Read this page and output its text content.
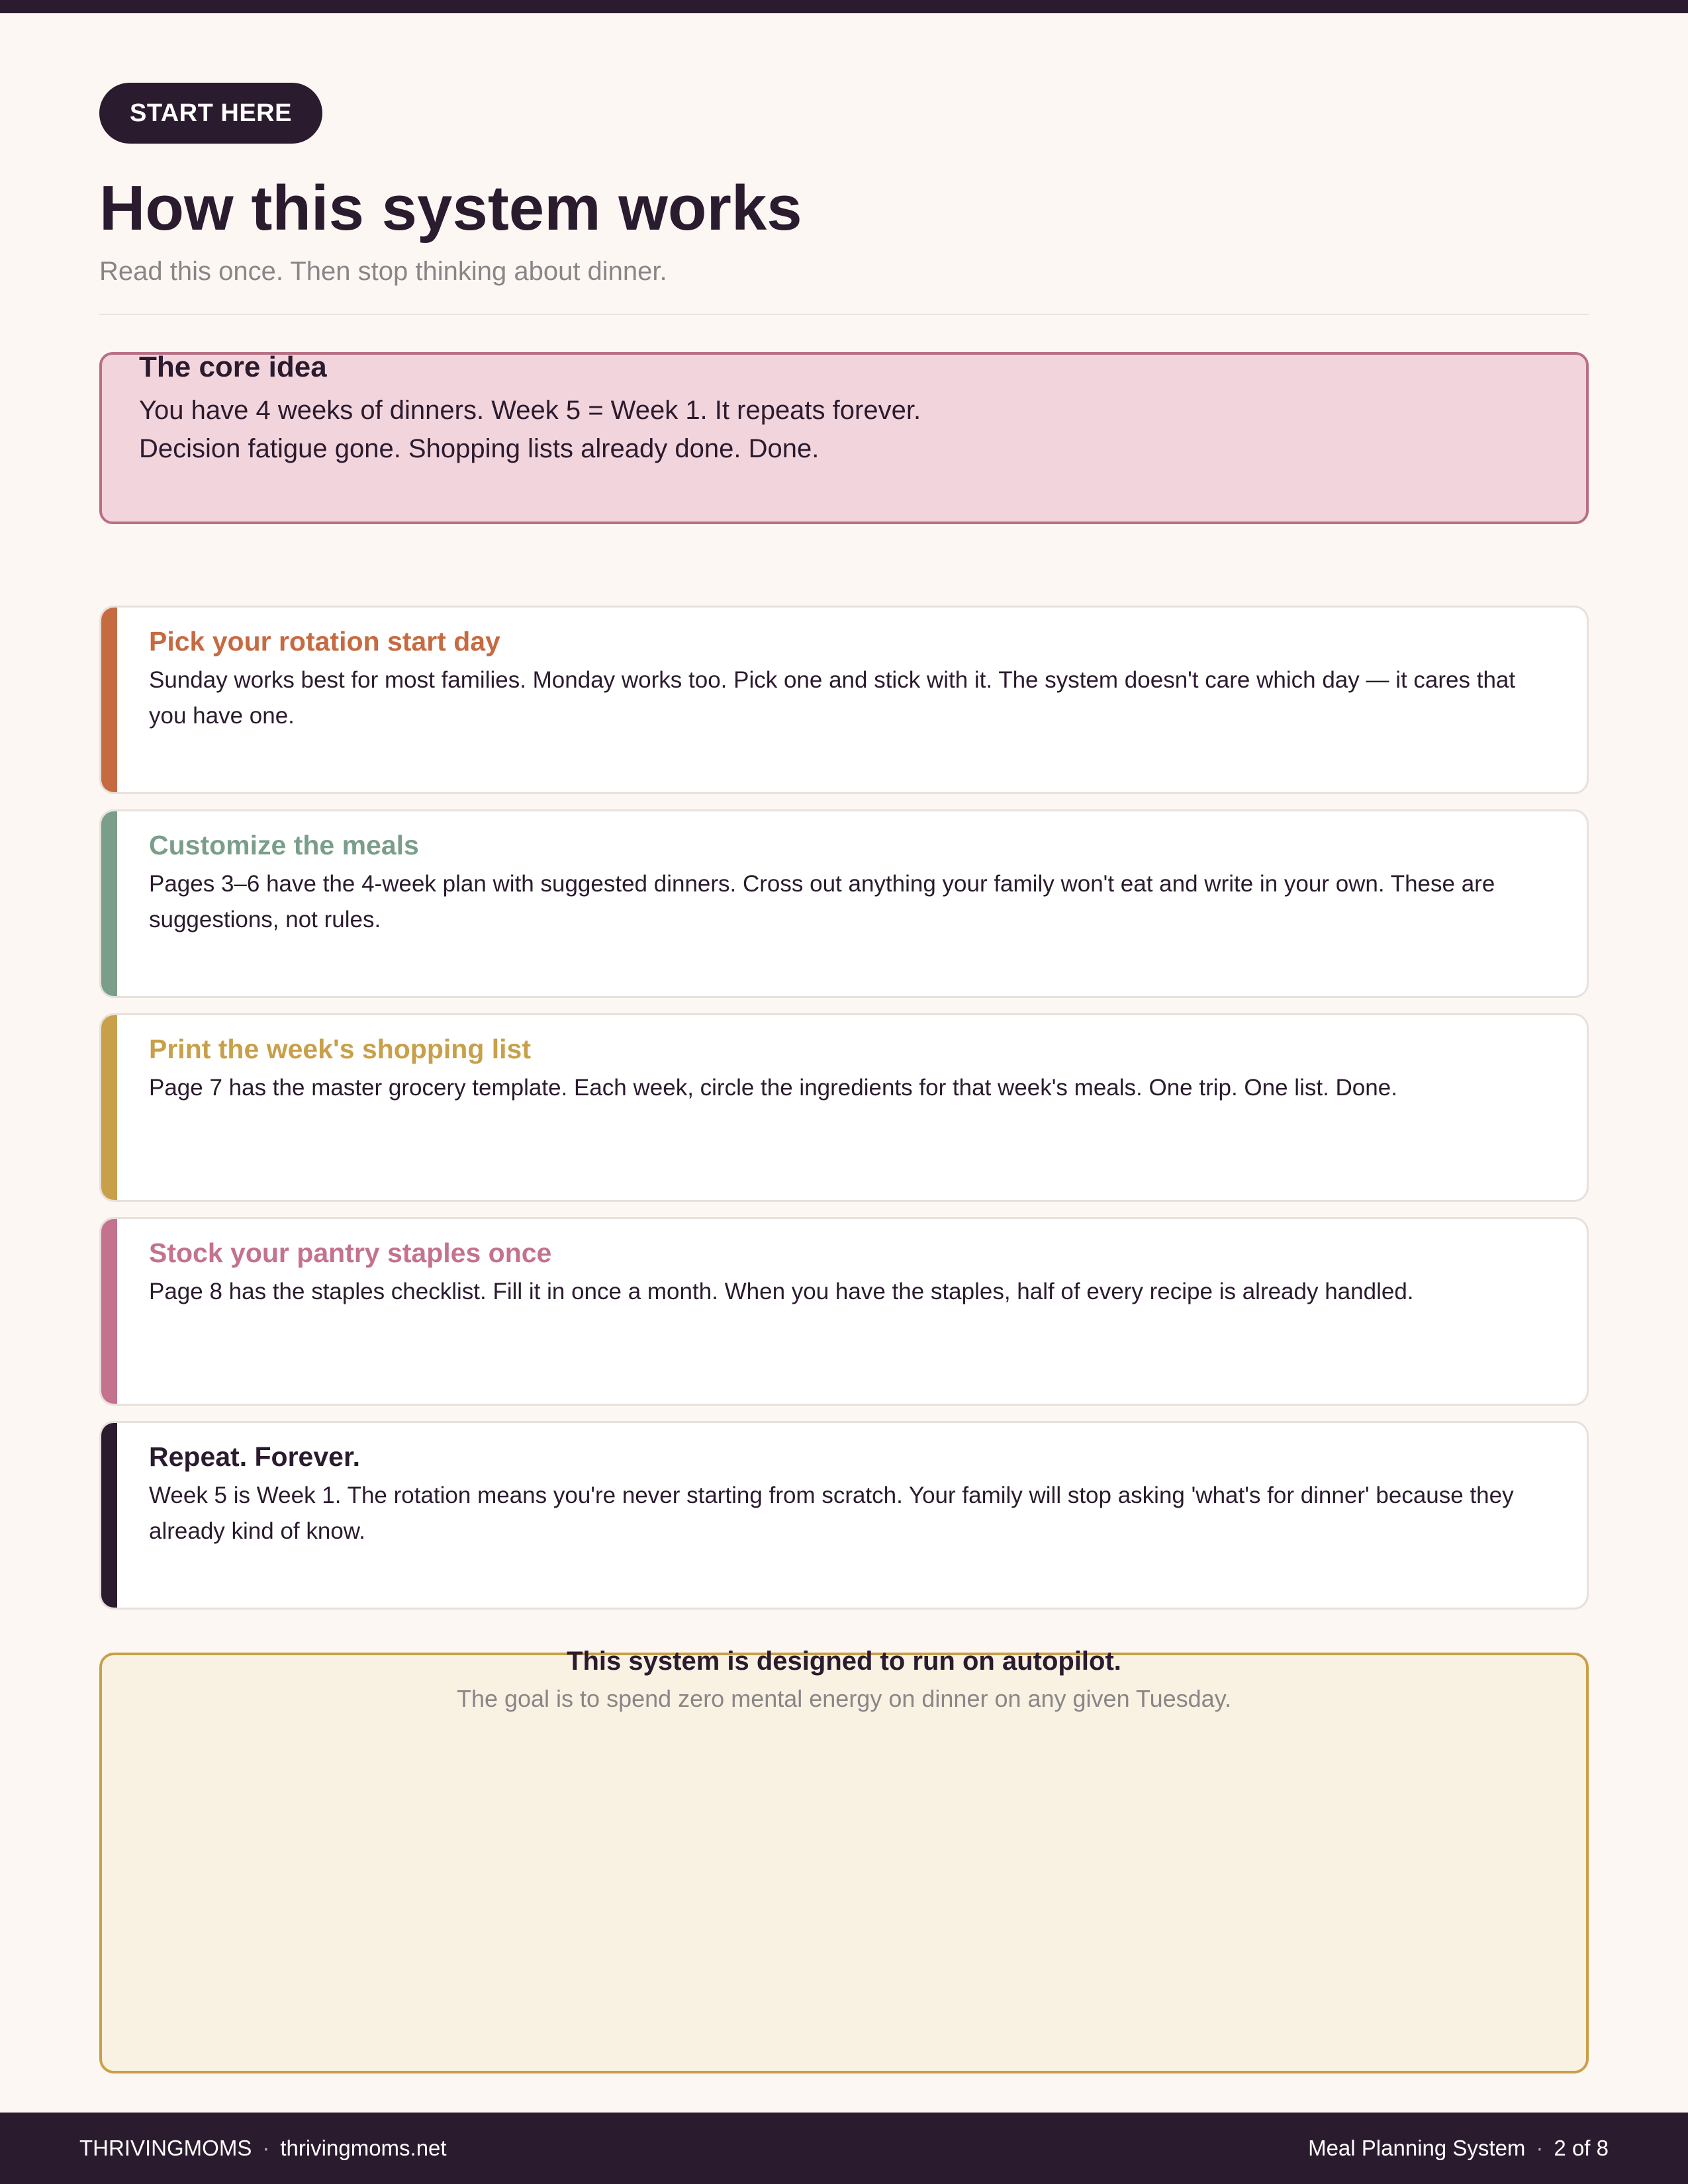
START HERE
How this system works
Read this once. Then stop thinking about dinner.
The core idea
You have 4 weeks of dinners. Week 5 = Week 1. It repeats forever.
Decision fatigue gone. Shopping lists already done. Done.
Pick your rotation start day
Sunday works best for most families. Monday works too. Pick one and stick with it. The system doesn't care which day — it cares that you have one.
Customize the meals
Pages 3–6 have the 4-week plan with suggested dinners. Cross out anything your family won't eat and write in your own. These are suggestions, not rules.
Print the week's shopping list
Page 7 has the master grocery template. Each week, circle the ingredients for that week's meals. One trip. One list. Done.
Stock your pantry staples once
Page 8 has the staples checklist. Fill it in once a month. When you have the staples, half of every recipe is already handled.
Repeat. Forever.
Week 5 is Week 1. The rotation means you're never starting from scratch. Your family will stop asking 'what's for dinner' because they already kind of know.
This system is designed to run on autopilot.
The goal is to spend zero mental energy on dinner on any given Tuesday.
THRIVINGMOMS · thrivingmoms.net	Meal Planning System · 2 of 8
